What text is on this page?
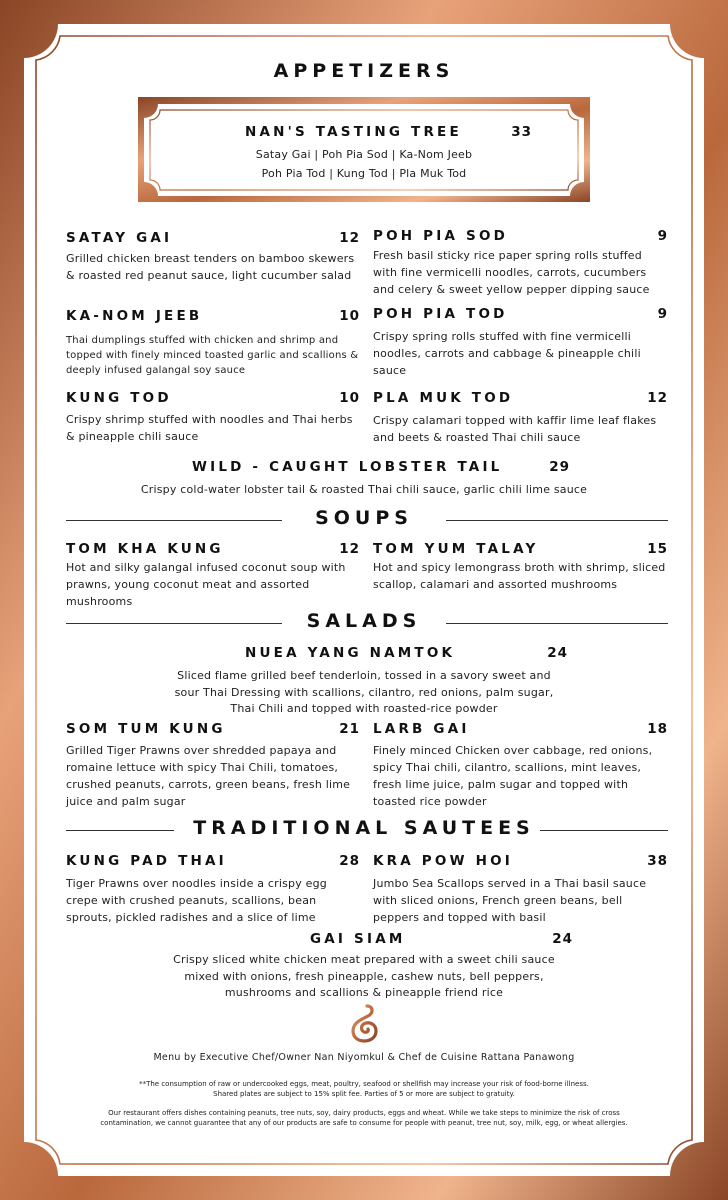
APPETIZERS
NAN'S TASTING TREE	33
Satay Gai | Poh Pia Sod | Ka-Nom Jeeb
Poh Pia Tod | Kung Tod | Pla Muk Tod
SATAY GAI	12
Grilled chicken breast tenders on bamboo skewers & roasted red peanut sauce, light cucumber salad
POH PIA SOD	9
Fresh basil sticky rice paper spring rolls stuffed with fine vermicelli noodles, carrots, cucumbers and celery & sweet yellow pepper dipping sauce
KA-NOM JEEB	10
Thai dumplings stuffed with chicken and shrimp and topped with finely minced toasted garlic and scallions & deeply infused galangal soy sauce
POH PIA TOD	9
Crispy spring rolls stuffed with fine vermicelli noodles, carrots and cabbage & pineapple chili sauce
KUNG TOD	10
Crispy shrimp stuffed with noodles and Thai herbs & pineapple chili sauce
PLA MUK TOD	12
Crispy calamari topped with kaffir lime leaf flakes and beets & roasted Thai chili sauce
WILD - CAUGHT LOBSTER TAIL	29
Crispy cold-water lobster tail & roasted Thai chili sauce, garlic chili lime sauce
SOUPS
TOM KHA KUNG	12
Hot and silky galangal infused coconut soup with prawns, young coconut meat and assorted mushrooms
TOM YUM TALAY	15
Hot and spicy lemongrass broth with shrimp, sliced scallop, calamari and assorted mushrooms
SALADS
NUEA YANG NAMTOK	24
Sliced flame grilled beef tenderloin, tossed in a savory sweet and
sour Thai Dressing with scallions, cilantro, red onions, palm sugar,
Thai Chili and topped with roasted-rice powder
SOM TUM KUNG	21
Grilled Tiger Prawns over shredded papaya and romaine lettuce with spicy Thai Chili, tomatoes, crushed peanuts, carrots, green beans, fresh lime juice and palm sugar
LARB GAI	18
Finely minced Chicken over cabbage, red onions, spicy Thai chili, cilantro, scallions, mint leaves, fresh lime juice, palm sugar and topped with toasted rice powder
TRADITIONAL SAUTEES
KUNG PAD THAI	28
Tiger Prawns over noodles inside a crispy egg crepe with crushed peanuts, scallions, bean sprouts, pickled radishes and a slice of lime
KRA POW HOI	38
Jumbo Sea Scallops served in a Thai basil sauce with sliced onions, French green beans, bell peppers and topped with basil
GAI SIAM	24
Crispy sliced white chicken meat prepared with a sweet chili sauce
mixed with onions, fresh pineapple, cashew nuts, bell peppers,
mushrooms and scallions & pineapple friend rice
Menu by Executive Chef/Owner Nan Niyomkul & Chef de Cuisine Rattana Panawong
**The consumption of raw or undercooked eggs, meat, poultry, seafood or shellfish may increase your risk of food-borne illness.
Shared plates are subject to 15% split fee. Parties of 5 or more are subject to gratuity.
Our restaurant offers dishes containing peanuts, tree nuts, soy, dairy products, eggs and wheat. While we take steps to minimize the risk of cross
contamination, we cannot guarantee that any of our products are safe to consume for people with peanut, tree nut, soy, milk, egg, or wheat allergies.
